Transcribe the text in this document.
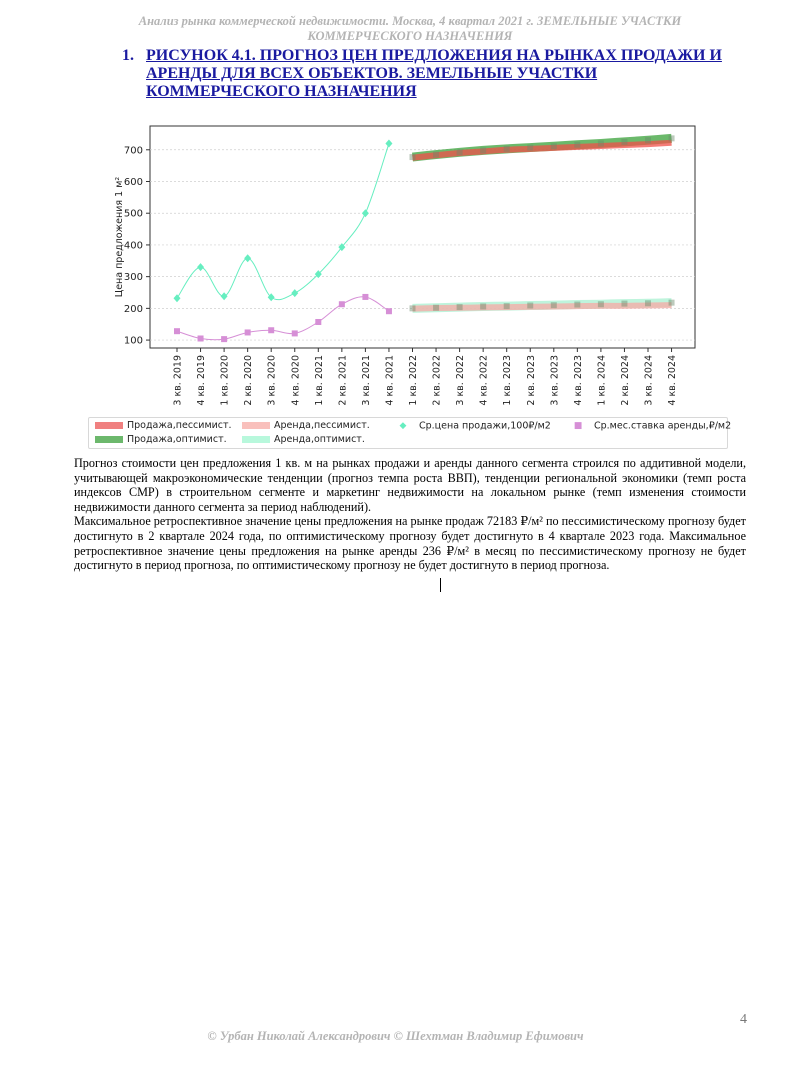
Анализ рынка коммерческой недвижимости. Москва, 4 квартал 2021 г. ЗЕМЕЛЬНЫЕ УЧАСТКИ
КОММЕРЧЕСКОГО НАЗНАЧЕНИЯ
1. РИСУНОК 4.1. ПРОГНОЗ ЦЕН ПРЕДЛОЖЕНИЯ НА РЫНКАХ ПРОДАЖИ И АРЕНДЫ ДЛЯ ВСЕХ ОБЪЕКТОВ. ЗЕМЕЛЬНЫЕ УЧАСТКИ КОММЕРЧЕСКОГО НАЗНАЧЕНИЯ
100
200
300
400
500
600
700
Цена предложения 1 м²
3 кв. 2019 4 кв. 2019 1 кв. 2020 2 кв. 2020 3 кв. 2020 4 кв. 2020 1 кв. 2021 2 кв. 2021 3 кв. 2021 4 кв. 2021 1 кв. 2022 2 кв. 2022 3 кв. 2022 4 кв. 2022 1 кв. 2023 2 кв. 2023 3 кв. 2023 4 кв. 2023 1 кв. 2024 2 кв. 2024 3 кв. 2024 4 кв. 2024
Продажа,пессимист.	Аренда,пессимист.	◆ Ср.цена продажи,100₽/м2	■ Ср.мес.ставка аренды,₽/м2
Продажа,оптимист.	Аренда,оптимист.

Прогноз стоимости цен предложения 1 кв. м на рынках продажи и аренды данного сегмента строился по аддитивной модели, учитывающей макроэкономические тенденции (прогноз темпа роста ВВП), тенденции региональной экономики (темп роста индексов СМР) в строительном сегменте и маркетинг недвижимости на локальном рынке (темп изменения стоимости недвижимости данного сегмента за период наблюдений).

Максимальное ретроспективное значение цены предложения на рынке продаж 72183 ₽/м² по пессимистическому прогнозу будет достигнуто в 2 квартале 2024 года, по оптимистическому прогнозу будет достигнуто в 4 квартале 2023 года. Максимальное ретроспективное значение цены предложения на рынке аренды 236 ₽/м² в месяц по пессимистическому прогнозу не будет достигнуто в период прогноза, по оптимистическому прогнозу не будет достигнуто в период прогноза.

4
© Урбан Николай Александрович © Шехтман Владимир Ефимович
